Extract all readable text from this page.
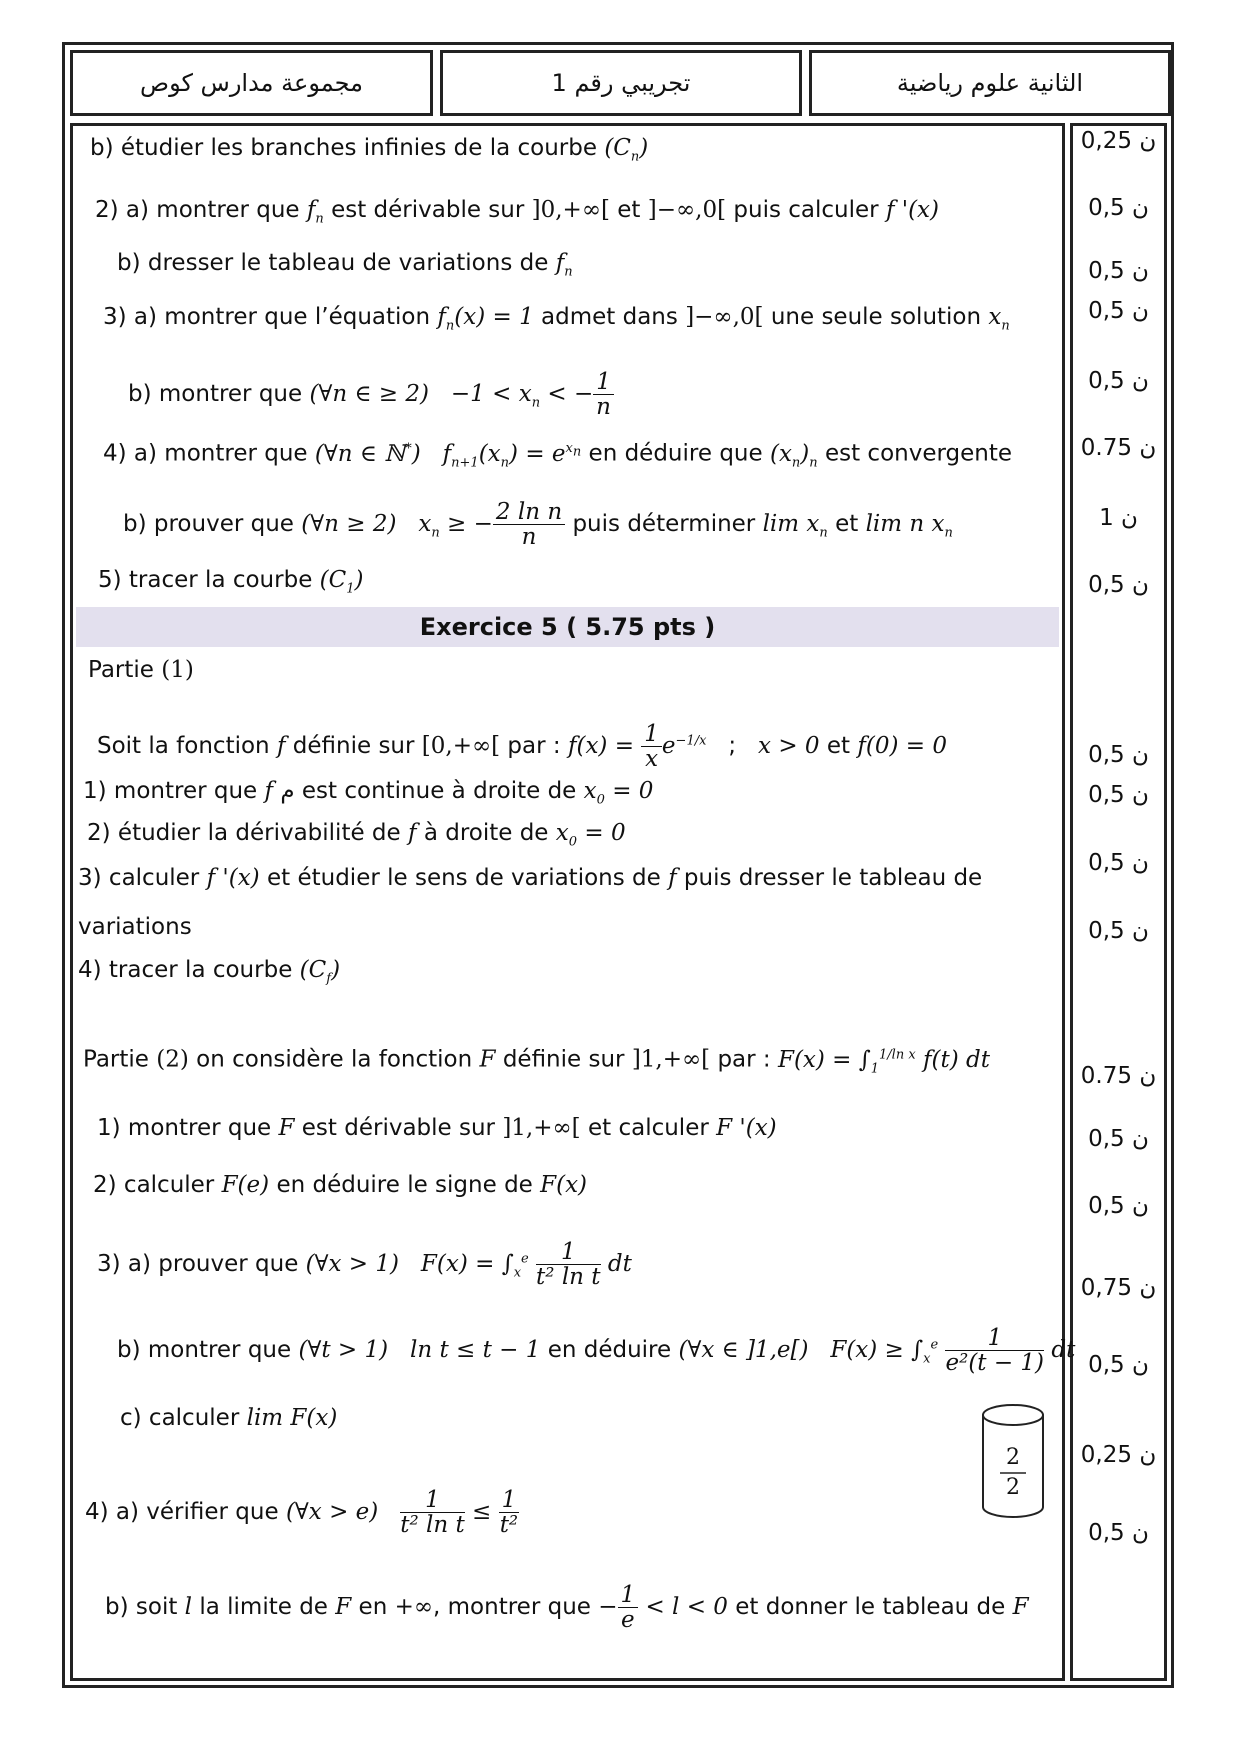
مجموعة مدارس كوص	تجريبي رقم 1	الثانية علوم رياضية
b) étudier les branches infinies de la courbe $(C_n)$
2) a) montrer que $f_n$ est dérivable sur ]0,+∞[ et ]−∞,0[ puis calculer f '(x)
b) dresser le tableau de variations de $f_n$
3) a) montrer que l’équation $f_n(x) = 1$ admet dans ]−∞,0[ une seule solution $x_n$
b) montrer que (∀n ∈ ≥ $2) -1 < x_n$ < − $\frac{1}{n}$
4) a) montrer que (∀n ∈ ℕ*)   $f_{n+1}(x_n) = e^{x_n}$ en déduire que $(x_n)_n$ est convergente
b) prouver que (∀n ≥ 2)   $x_n$ ≥ − $\frac{\text{2 ln n}}{n}$ puis déterminer $\lim x_n$ et lim n $x_n$
5) tracer la courbe $(C_1)$
Exercice 5 ( 5.75 pts )
Partie (1)
Soit la fonction f définie sur [0,+∞[ par : $f(x) = \frac{1}{x} e^{-1/x}$ ; x > 0 et f(0) = 0
1) montrer que f م est continue à droite de $x_0 = 0$
2) étudier la dérivabilité de f à droite de $x_0 = 0$
3) calculer f '(x) et étudier le sens de variations de f puis dresser le tableau de
variations
4) tracer la courbe $(C_f)$
Partie (2) on considère la fonction F définie sur ]1,+∞[ par : $F(x) = \int_1^{1/ln x}$ f(t) dt
1) montrer que F est dérivable sur ]1,+∞[ et calculer F '(x)
2) calculer F(e) en déduire le signe de F(x)
3) a) prouver que (∀x > 1)   $F(x) = \int_x^e \frac{1}{\text{t² ln t}}$ dt
b) montrer que (∀t > 1)   ln t ≤ t − 1 en déduire (∀x ∈ ]1,e[)   $F(x) \ge \int_x^e \frac{1}{\text{e²(t − 1)}}$ dt
c) calculer lim F(x)
4) a) vérifier que (∀x > $e) \frac{1}{\text{t² ln t}} \le \frac{1}{\text{t²}}$
b) soit l la limite de F en +∞, montrer que − $\frac{1}{e} < l < 0$ et donner le tableau de F
2
2
0,25 ن
0,5 ن
0,5 ن
0,5 ن
0,5 ن
0.75 ن
1 ن
0,5 ن
0,5 ن
0,5 ن
0,5 ن
0,5 ن
0.75 ن
0,5 ن
0,5 ن
0,75 ن
0,5 ن
0,25 ن
0,5 ن
